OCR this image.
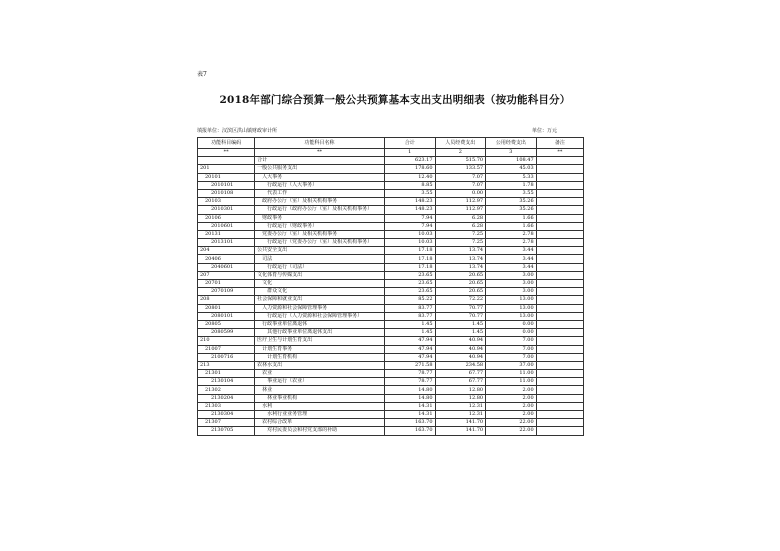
表7
2018年部门综合预算一般公共预算基本支出支出明细表（按功能科目分）
填报单位：汉滨区洪山镇财政审计所	单位：万元
功能科目编码	功能科目名称	合计	人员经费支出	公用经费支出	备注
**	**	1	2	3	**
	合计	623.17	515.70	108.47	
201	一般公共服务支出	178.60	133.57	45.03	
20101	人大事务	12.40	7.07	5.33	
2010101	行政运行（人大事务）	8.85	7.07	1.78	
2010108	代表工作	3.55	0.00	3.55	
20103	政府办公厅（室）及相关机构事务	148.23	112.97	35.26	
2010301	行政运行（政府办公厅（室）及相关机构事务）	148.23	112.97	35.26	
20106	财政事务	7.94	6.28	1.66	
2010601	行政运行（财政事务）	7.94	6.28	1.66	
20131	党委办公厅（室）及相关机构事务	10.03	7.25	2.78	
2013101	行政运行（党委办公厅（室）及相关机构事务）	10.03	7.25	2.78	
204	公共安全支出	17.18	13.74	3.44	
20406	司法	17.18	13.74	3.44	
2040601	行政运行（司法）	17.18	13.74	3.44	
207	文化体育与传媒支出	23.65	20.65	3.00	
20701	文化	23.65	20.65	3.00	
2070109	群众文化	23.65	20.65	3.00	
208	社会保障和就业支出	85.22	72.22	13.00	
20801	人力资源和社会保障管理事务	83.77	70.77	13.00	
2080101	行政运行（人力资源和社会保障管理事务）	83.77	70.77	13.00	
20805	行政事业单位离退休	1.45	1.45	0.00	
2080599	其他行政事业单位离退休支出	1.45	1.45	0.00	
210	医疗卫生与计划生育支出	47.94	40.94	7.00	
21007	计划生育事务	47.94	40.94	7.00	
2100716	计划生育机构	47.94	40.94	7.00	
213	农林水支出	271.58	234.58	37.00	
21301	农业	78.77	67.77	11.00	
2130104	事业运行（农业）	78.77	67.77	11.00	
21302	林业	14.80	12.80	2.00	
2130204	林业事业机构	14.80	12.80	2.00	
21303	水利	14.31	12.31	2.00	
2130304	水利行业业务管理	14.31	12.31	2.00	
21307	农村综合改革	163.70	141.70	22.00	
2130705	对村民委员会和村党支部的补助	163.70	141.70	22.00	
